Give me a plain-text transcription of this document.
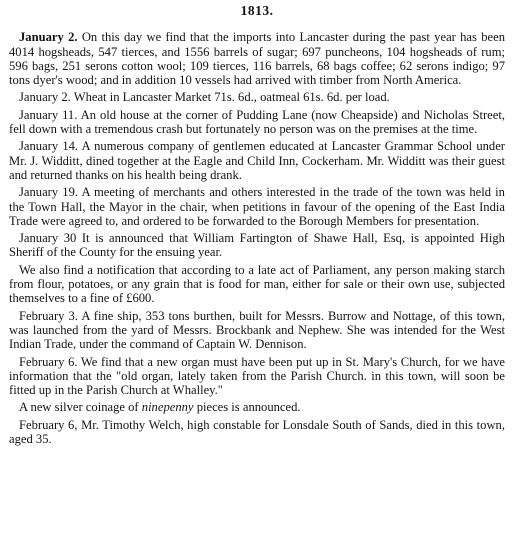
1813.

January 2. On this day we find that the imports into Lancaster during the past year has been 4014 hogsheads, 547 tierces, and 1556 barrels of sugar; 697 puncheons, 104 hogsheads of rum; 596 bags, 251 serons cotton wool; 109 tierces, 116 barrels, 68 bags coffee; 62 serons indigo; 97 tons dyer's wood; and in addition 10 vessels had arrived with timber from North America.

January 2. Wheat in Lancaster Market 71s. 6d., oatmeal 61s. 6d. per load.

January 11. An old house at the corner of Pudding Lane (now Cheapside) and Nicholas Street, fell down with a tremendous crash but fortunately no person was on the premises at the time.

January 14. A numerous company of gentlemen educated at Lancaster Grammar School under Mr. J. Widditt, dined together at the Eagle and Child Inn, Cockerham. Mr. Widditt was their guest and returned thanks on his health being drank.

January 19. A meeting of merchants and others interested in the trade of the town was held in the Town Hall, the Mayor in the chair, when petitions in favour of the opening of the East India Trade were agreed to, and ordered to be forwarded to the Borough Members for presentation.

January 30 It is announced that William Fartington of Shawe Hall, Esq, is appointed High Sheriff of the County for the ensuing year.

We also find a notification that according to a late act of Parliament, any person making starch from flour, potatoes, or any grain that is food for man, either for sale or their own use, subjected themselves to a fine of £600.

February 3. A fine ship, 353 tons burthen, built for Messrs. Burrow and Nottage, of this town, was launched from the yard of Messrs. Brockbank and Nephew. She was intended for the West Indian Trade, under the command of Captain W. Dennison.

February 6. We find that a new organ must have been put up in St. Mary's Church, for we have information that the "old organ, lately taken from the Parish Church. in this town, will soon be fitted up in the Parish Church at Whalley."

A new silver coinage of ninepenny pieces is announced.

February 6, Mr. Timothy Welch, high constable for Lonsdale South of Sands, died in this town, aged 35.
